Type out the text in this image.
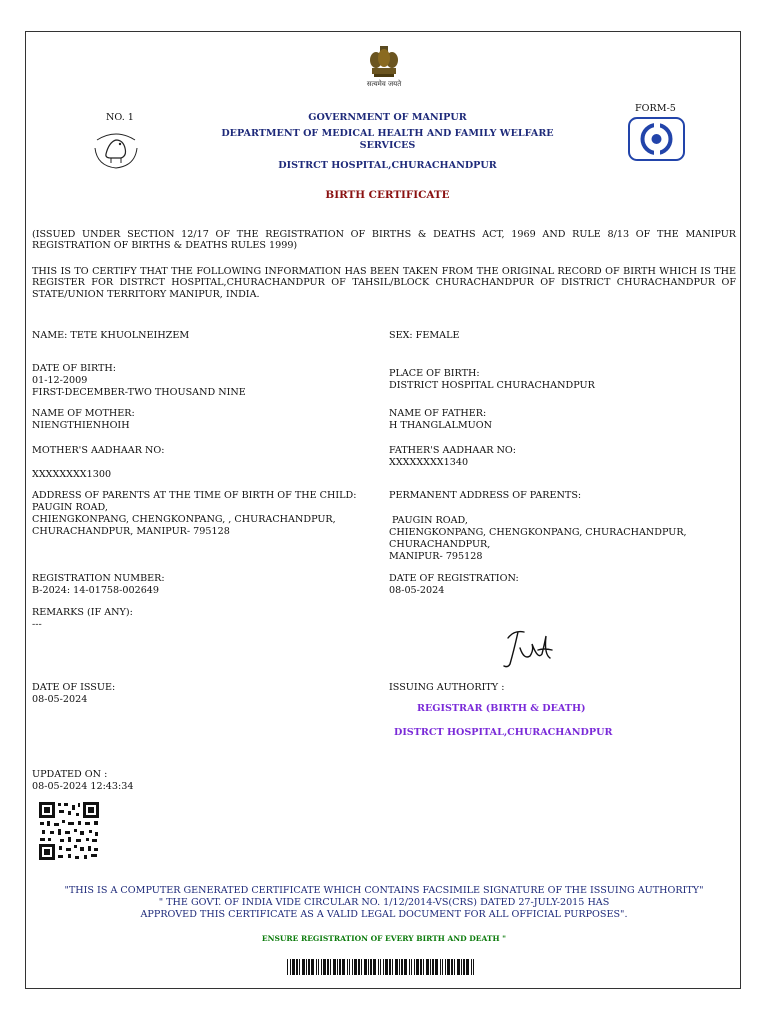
सत्यमेव जयते
NO. 1
FORM-5
GOVERNMENT OF MANIPUR
DEPARTMENT OF MEDICAL HEALTH AND FAMILY WELFARE
SERVICES
DISTRCT HOSPITAL,CHURACHANDPUR
BIRTH CERTIFICATE
(ISSUED UNDER SECTION 12/17 OF THE REGISTRATION OF BIRTHS & DEATHS ACT, 1969 AND RULE 8/13 OF THE MANIPUR REGISTRATION OF BIRTHS & DEATHS RULES 1999)
THIS IS TO CERTIFY THAT THE FOLLOWING INFORMATION HAS BEEN TAKEN FROM THE ORIGINAL RECORD OF BIRTH WHICH IS THE REGISTER FOR DISTRCT HOSPITAL,CHURACHANDPUR OF TAHSIL/BLOCK CHURACHANDPUR OF DISTRICT CHURACHANDPUR OF STATE/UNION TERRITORY MANIPUR, INDIA.
NAME: TETE KHUOLNEIHZEM	SEX: FEMALE
DATE OF BIRTH:
01-12-2009
FIRST-DECEMBER-TWO THOUSAND NINE
PLACE OF BIRTH:
DISTRICT HOSPITAL CHURACHANDPUR
NAME OF MOTHER:
NIENGTHIENHOIH
NAME OF FATHER:
H THANGLALMUON
MOTHER'S AADHAAR NO:
XXXXXXXX1300
FATHER'S AADHAAR NO:
XXXXXXXX1340
ADDRESS OF PARENTS AT THE TIME OF BIRTH OF THE CHILD:
PAUGIN ROAD,
CHIENGKONPANG, CHENGKONPANG, , CHURACHANDPUR,
CHURACHANDPUR, MANIPUR- 795128
PERMANENT ADDRESS OF PARENTS:
PAUGIN ROAD,
CHIENGKONPANG, CHENGKONPANG, CHURACHANDPUR,
CHURACHANDPUR,
MANIPUR- 795128
REGISTRATION NUMBER:
B-2024: 14-01758-002649
DATE OF REGISTRATION:
08-05-2024
REMARKS (IF ANY):
---
DATE OF ISSUE:
08-05-2024
ISSUING AUTHORITY :
REGISTRAR (BIRTH & DEATH)
DISTRCT HOSPITAL,CHURACHANDPUR
UPDATED ON :
08-05-2024 12:43:34
"THIS IS A COMPUTER GENERATED CERTIFICATE WHICH CONTAINS FACSIMILE SIGNATURE OF THE ISSUING AUTHORITY"
" THE GOVT. OF INDIA VIDE CIRCULAR NO. 1/12/2014-VS(CRS) DATED 27-JULY-2015 HAS
APPROVED THIS CERTIFICATE AS A VALID LEGAL DOCUMENT FOR ALL OFFICIAL PURPOSES".
ENSURE REGISTRATION OF EVERY BIRTH AND DEATH "
